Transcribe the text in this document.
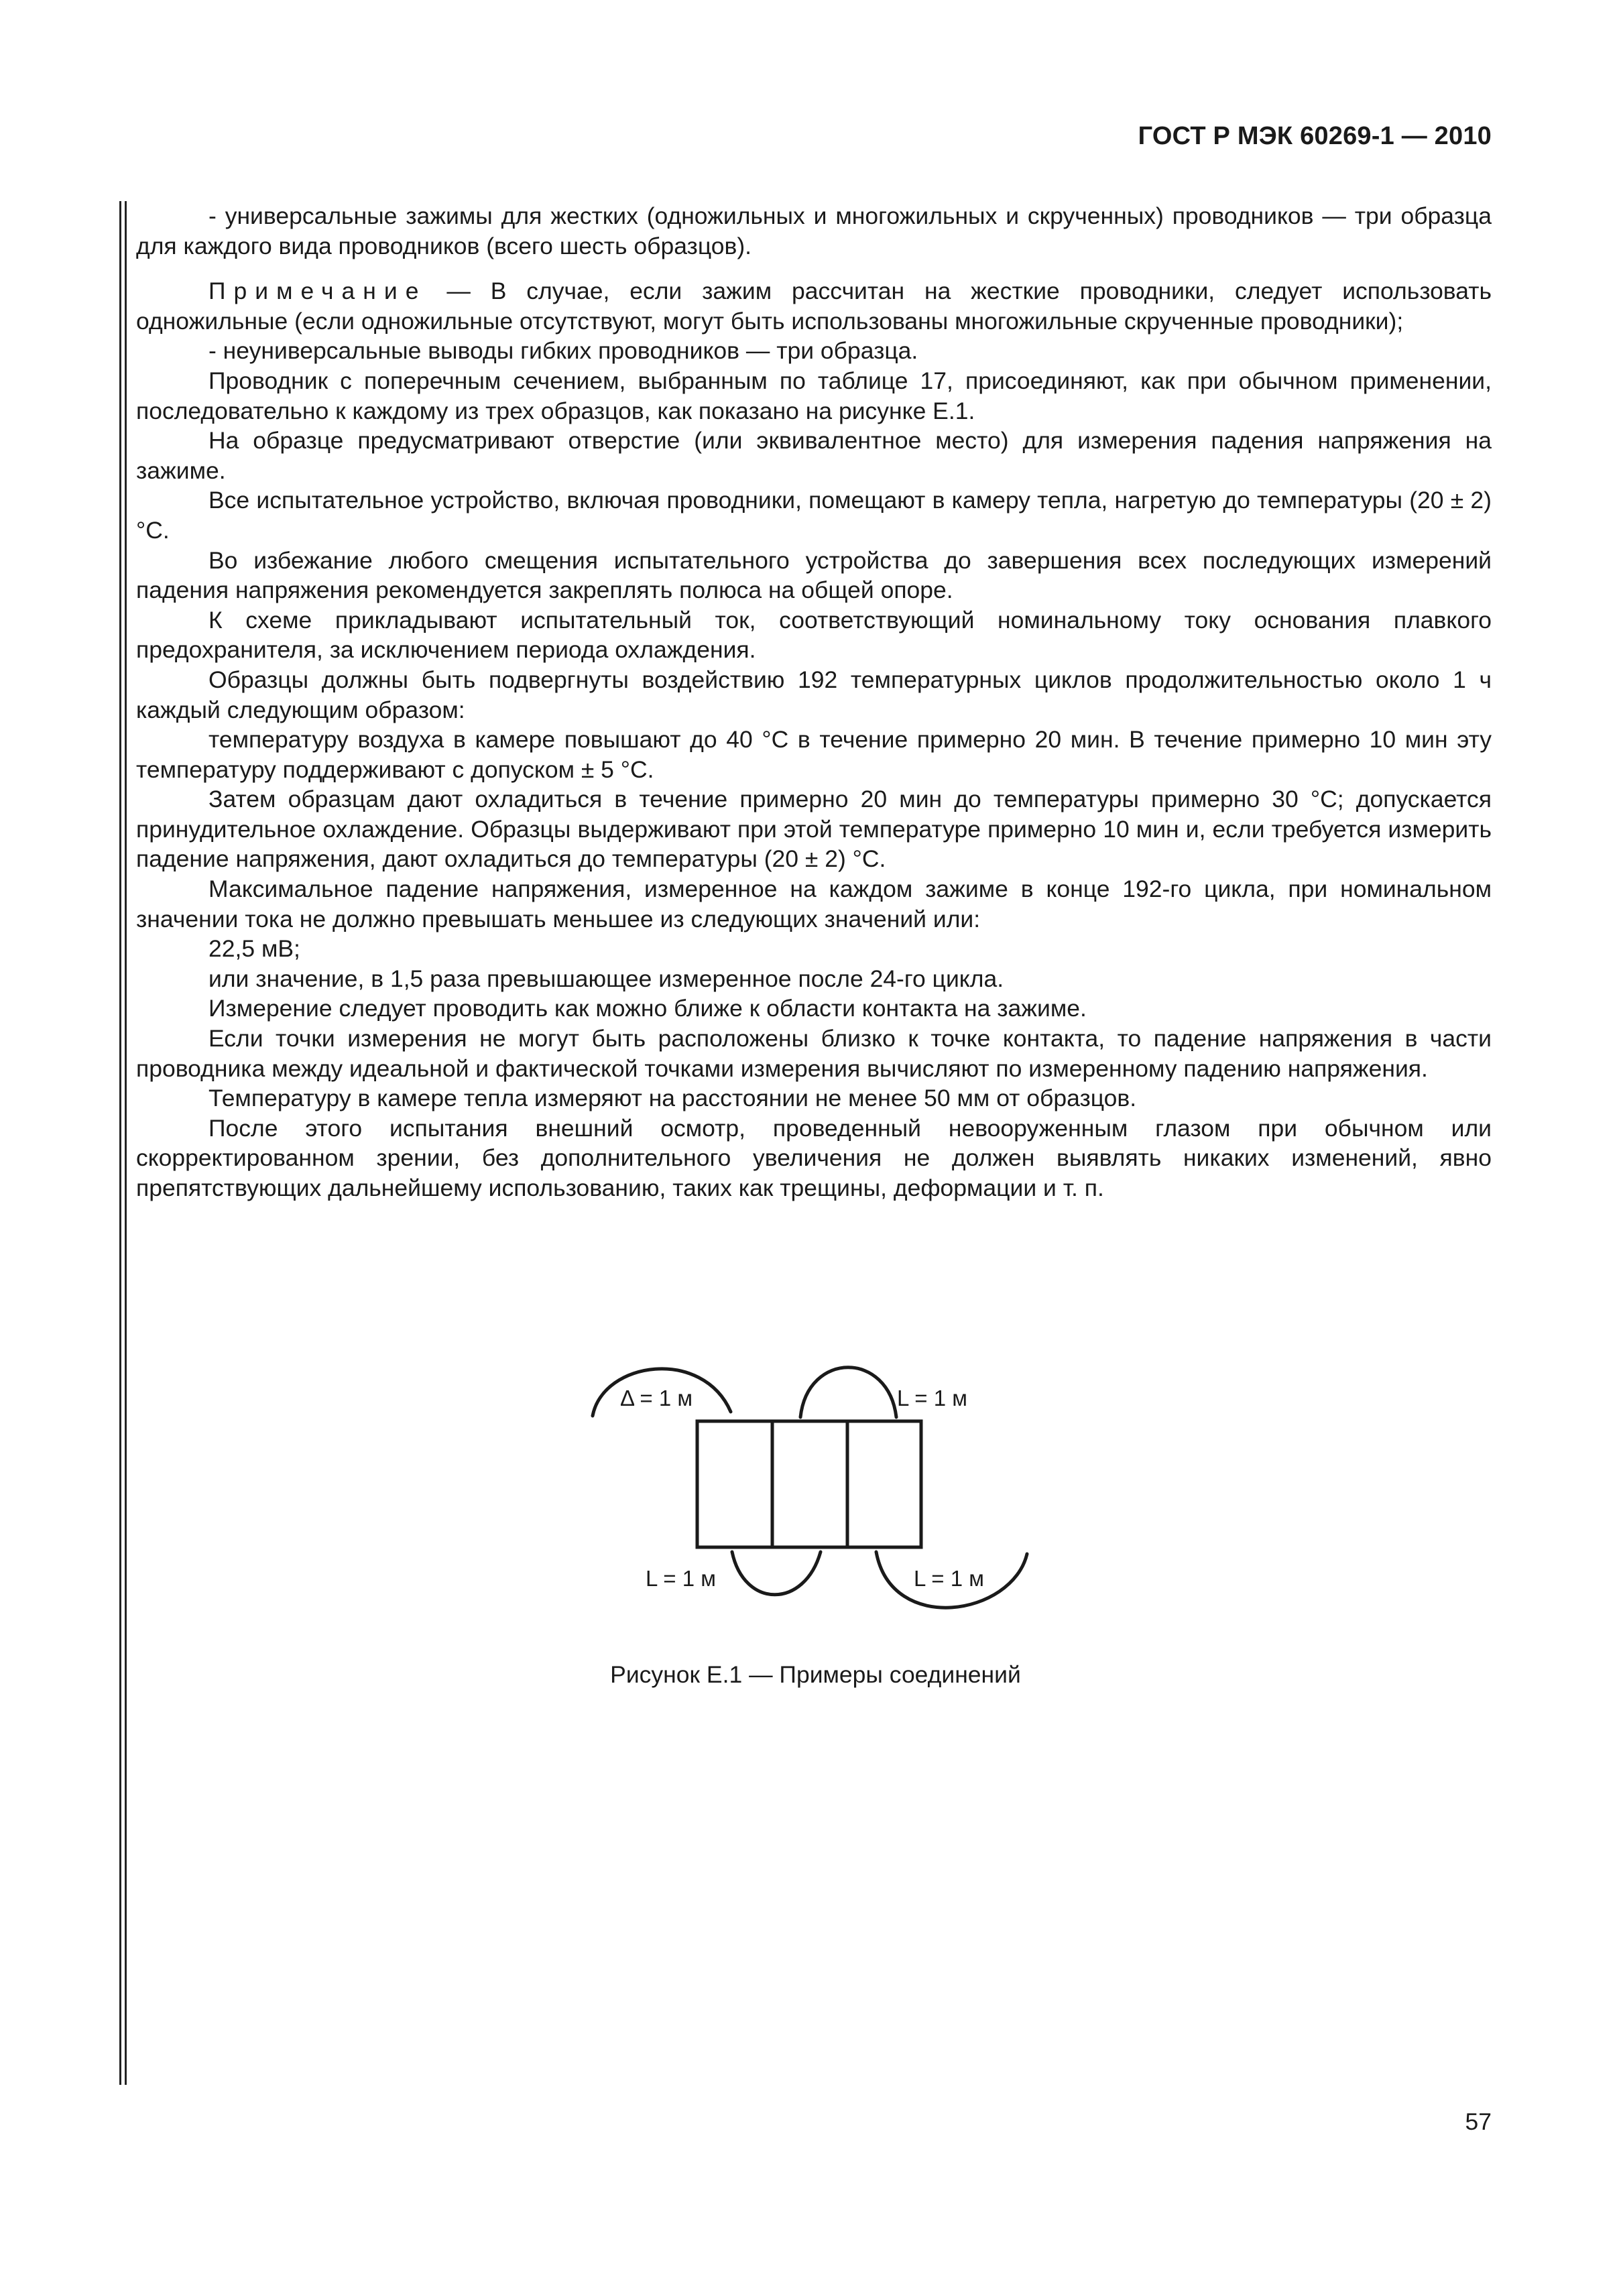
ГОСТ Р МЭК 60269-1 — 2010

- универсальные зажимы для жестких (одножильных и многожильных и скрученных) проводников — три образца для каждого вида проводников (всего шесть образцов).

Примечание — В случае, если зажим рассчитан на жесткие проводники, следует использовать одножильные (если одножильные отсутствуют, могут быть использованы многожильные скрученные проводники);

- неуниверсальные выводы гибких проводников — три образца.

Проводник с поперечным сечением, выбранным по таблице 17, присоединяют, как при обычном применении, последовательно к каждому из трех образцов, как показано на рисунке E.1.

На образце предусматривают отверстие (или эквивалентное место) для измерения падения напряжения на зажиме.

Все испытательное устройство, включая проводники, помещают в камеру тепла, нагретую до температуры (20 ± 2) °С.

Во избежание любого смещения испытательного устройства до завершения всех последующих измерений падения напряжения рекомендуется закреплять полюса на общей опоре.

К схеме прикладывают испытательный ток, соответствующий номинальному току основания плавкого предохранителя, за исключением периода охлаждения.

Образцы должны быть подвергнуты воздействию 192 температурных циклов продолжительностью около 1 ч каждый следующим образом:

температуру воздуха в камере повышают до 40 °С в течение примерно 20 мин. В течение примерно 10 мин эту температуру поддерживают с допуском ± 5 °С.

Затем образцам дают охладиться в течение примерно 20 мин до температуры примерно 30 °С; допускается принудительное охлаждение. Образцы выдерживают при этой температуре примерно 10 мин и, если требуется измерить падение напряжения, дают охладиться до температуры (20 ± 2) °С.

Максимальное падение напряжения, измеренное на каждом зажиме в конце 192-го цикла, при номинальном значении тока не должно превышать меньшее из следующих значений или:

22,5 мВ;

или значение, в 1,5 раза превышающее измеренное после 24-го цикла.

Измерение следует проводить как можно ближе к области контакта на зажиме.

Если точки измерения не могут быть расположены близко к точке контакта, то падение напряжения в части проводника между идеальной и фактической точками измерения вычисляют по измеренному падению напряжения.

Температуру в камере тепла измеряют на расстоянии не менее 50 мм от образцов.

После этого испытания внешний осмотр, проведенный невооруженным глазом при обычном или скорректированном зрении, без дополнительного увеличения не должен выявлять никаких изменений, явно препятствующих дальнейшему использованию, таких как трещины, деформации и т. п.

Δ = 1 м	L = 1 м
L = 1 м	L = 1 м
Рисунок E.1 — Примеры соединений
57
